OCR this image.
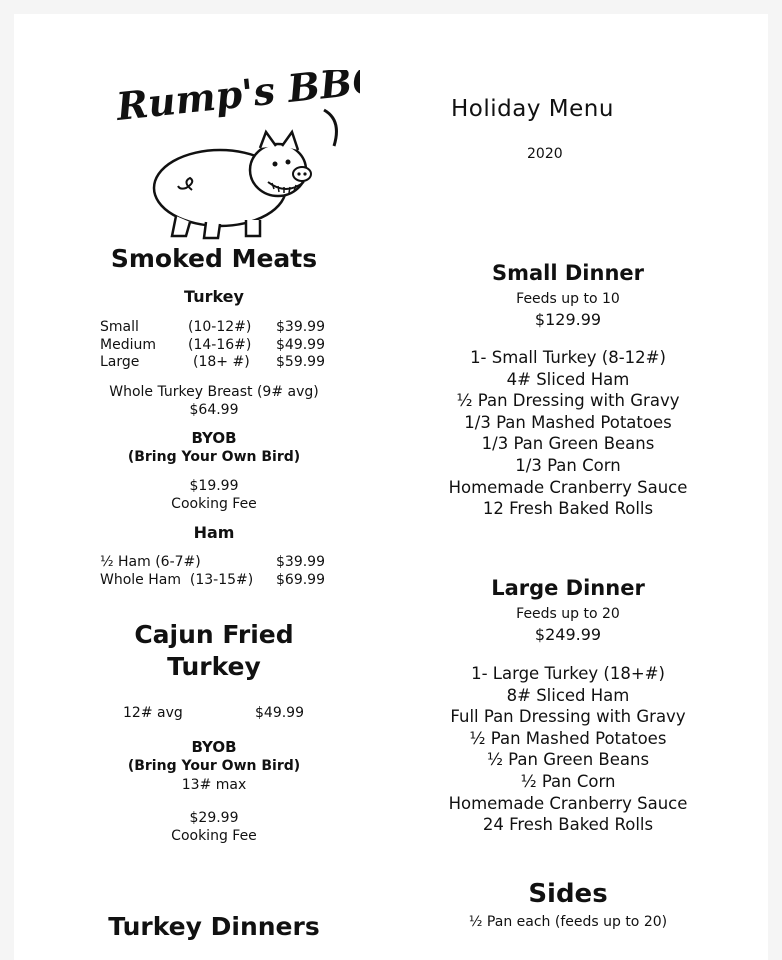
Rump's BBQ	Holiday Menu
2020
Smoked Meats
Turkey
Small	(10-12#) $39.99
Medium (14-16#) $49.99
Large	(18+ #) $59.99
Whole Turkey Breast (9# avg)
$64.99
BYOB
(Bring Your Own Bird)
$19.99
Cooking Fee
Ham
½ Ham (6-7#)	$39.99
Whole Ham  (13-15#) $69.99
Cajun Fried
Turkey
12# avg	$49.99
BYOB
(Bring Your Own Bird)
13# max
$29.99
Cooking Fee
Turkey Dinners
Small Dinner
Feeds up to 10
$129.99
1- Small Turkey (8-12#)
4# Sliced Ham
½ Pan Dressing with Gravy
1/3 Pan Mashed Potatoes
1/3 Pan Green Beans
1/3 Pan Corn
Homemade Cranberry Sauce
12 Fresh Baked Rolls
Large Dinner
Feeds up to 20
$249.99
1- Large Turkey (18+#)
8# Sliced Ham
Full Pan Dressing with Gravy
½ Pan Mashed Potatoes
½ Pan Green Beans
½ Pan Corn
Homemade Cranberry Sauce
24 Fresh Baked Rolls
Sides
½ Pan each (feeds up to 20)
